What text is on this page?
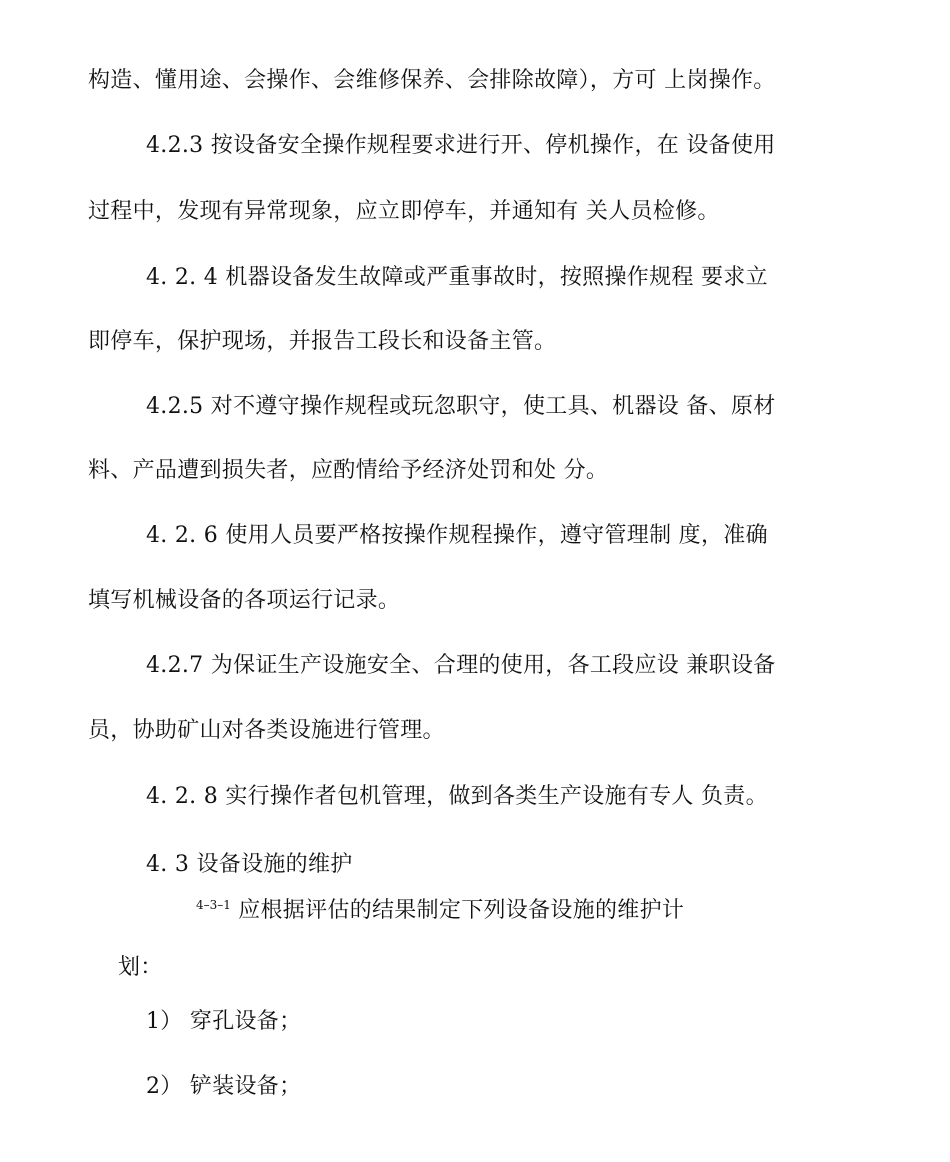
构造、懂用途、会操作、会维修保养、会排除故障），方可 上岗操作。
4.2.3 按设备安全操作规程要求进行开、停机操作，在 设备使用
过程中，发现有异常现象，应立即停车，并通知有 关人员检修。
4. 2. 4 机器设备发生故障或严重事故时，按照操作规程 要求立
即停车，保护现场，并报告工段长和设备主管。
4.2.5 对不遵守操作规程或玩忽职守，使工具、机器设 备、原材
料、产品遭到损失者，应酌情给予经济处罚和处 分。
4. 2. 6 使用人员要严格按操作规程操作，遵守管理制 度，准确
填写机械设备的各项运行记录。
4.2.7 为保证生产设施安全、合理的使用，各工段应设 兼职设备
员，协助矿山对各类设施进行管理。
4. 2. 8 实行操作者包机管理，做到各类生产设施有专人 负责。
4. 3 设备设施的维护
$^{4-3-1}$ 应根据评估的结果制定下列设备设施的维护计
划：
1） 穿孔设备；
2） 铲装设备；
